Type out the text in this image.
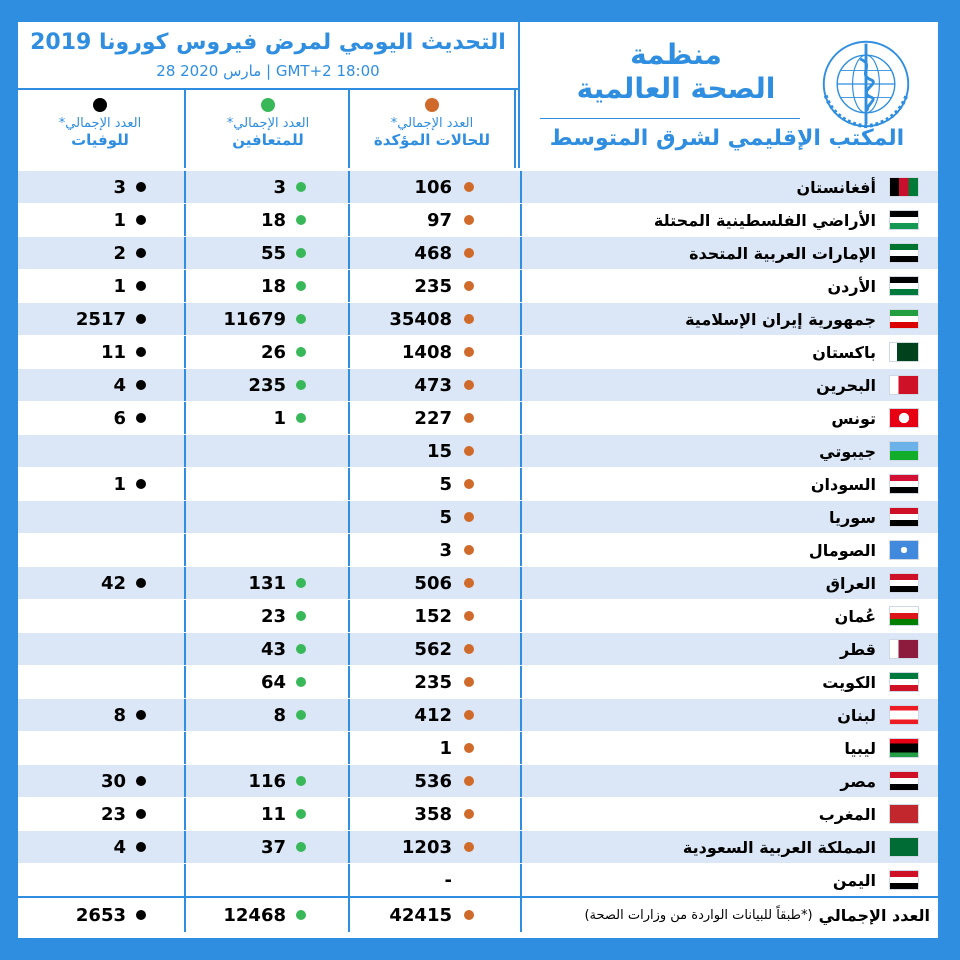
التحديث اليومي لمرض فيروس كورونا 2019
28 مارس 2020 | GMT+2 18:00
العدد الإجمالي*
للوفيات
العدد الإجمالي*
للمتعافين
العدد الإجمالي*
للحالات المؤكدة
منظمة
الصحة العالمية
المكتب الإقليمي لشرق المتوسط
أفغانستان
106
3
3
الأراضي الفلسطينية المحتلة
97
18
1
الإمارات العربية المتحدة
468
55
2
الأردن
235
18
1
جمهورية إيران الإسلامية
35408
11679
2517
باكستان
1408
26
11
البحرين
473
235
4
تونس
227
1
6
جيبوتي
15
السودان
5
1
سوريا
5
الصومال
3
العراق
506
131
42
عُمان
152
23
قطر
562
43
الكويت
235
64
لبنان
412
8
8
ليبيا
1
مصر
536
116
30
المغرب
358
11
23
المملكة العربية السعودية
1203
37
4
اليمن
-
العدد الإجمالي
(*طبقاً للبيانات الواردة من وزارات الصحة)
42415
12468
2653
